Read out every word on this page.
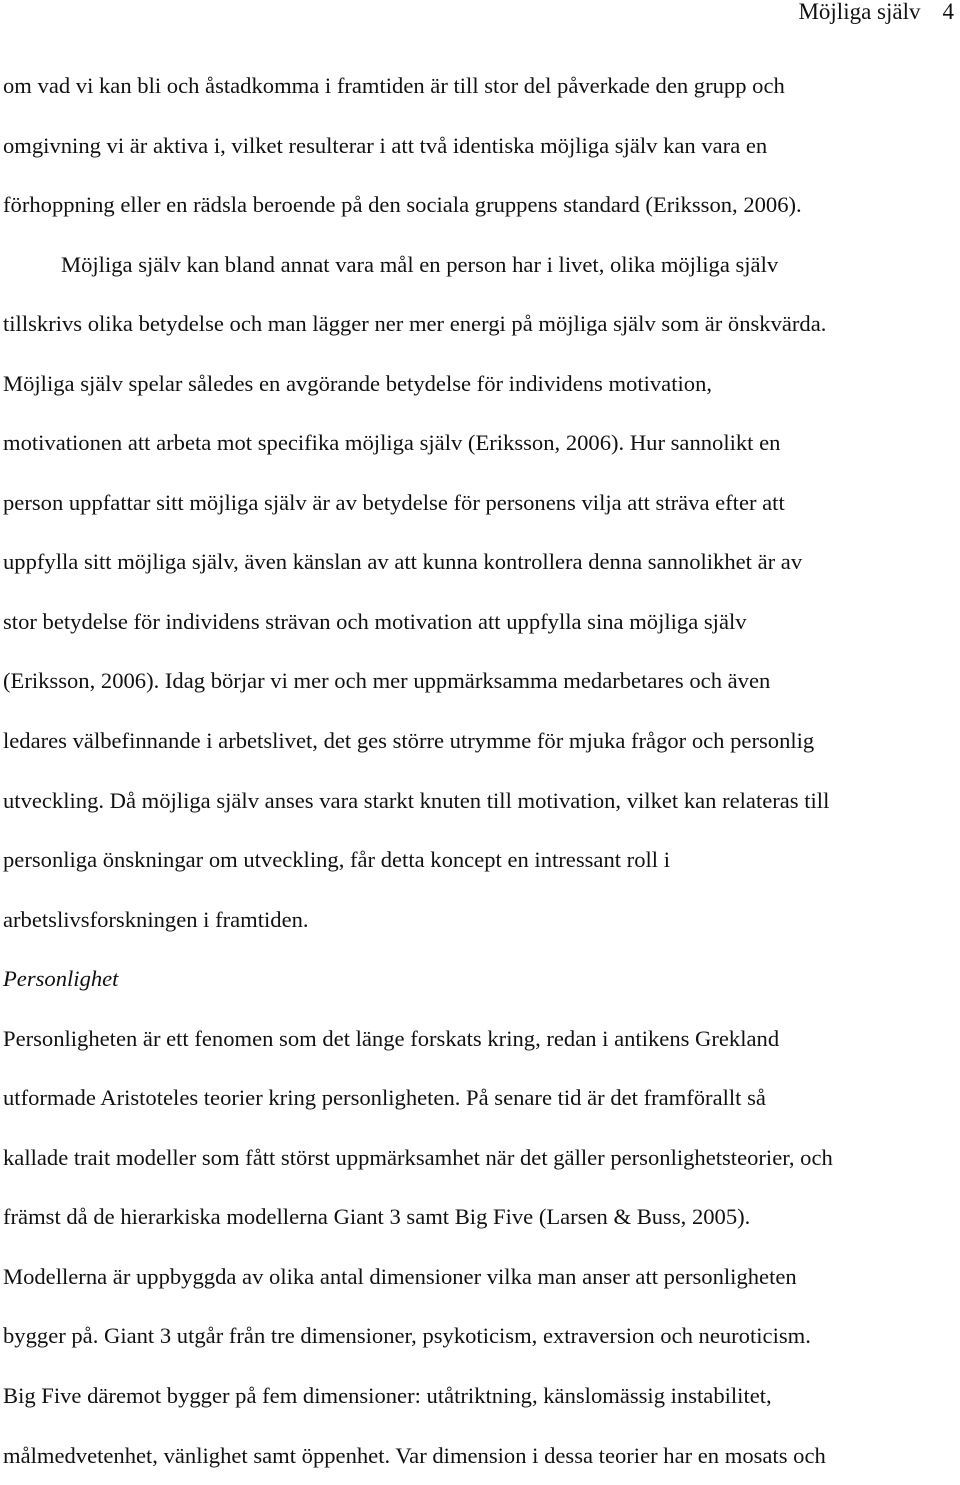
Möjliga själv 4
om vad vi kan bli och åstadkomma i framtiden är till stor del påverkade den grupp och
omgivning vi är aktiva i, vilket resulterar i att två identiska möjliga själv kan vara en
förhoppning eller en rädsla beroende på den sociala gruppens standard (Eriksson, 2006).
Möjliga själv kan bland annat vara mål en person har i livet, olika möjliga själv
tillskrivs olika betydelse och man lägger ner mer energi på möjliga själv som är önskvärda.
Möjliga själv spelar således en avgörande betydelse för individens motivation,
motivationen att arbeta mot specifika möjliga själv (Eriksson, 2006). Hur sannolikt en
person uppfattar sitt möjliga själv är av betydelse för personens vilja att sträva efter att
uppfylla sitt möjliga själv, även känslan av att kunna kontrollera denna sannolikhet är av
stor betydelse för individens strävan och motivation att uppfylla sina möjliga själv
(Eriksson, 2006). Idag börjar vi mer och mer uppmärksamma medarbetares och även
ledares välbefinnande i arbetslivet, det ges större utrymme för mjuka frågor och personlig
utveckling. Då möjliga själv anses vara starkt knuten till motivation, vilket kan relateras till
personliga önskningar om utveckling, får detta koncept en intressant roll i
arbetslivsforskningen i framtiden.
Personlighet
Personligheten är ett fenomen som det länge forskats kring, redan i antikens Grekland
utformade Aristoteles teorier kring personligheten. På senare tid är det framförallt så
kallade trait modeller som fått störst uppmärksamhet när det gäller personlighetsteorier, och
främst då de hierarkiska modellerna Giant 3 samt Big Five (Larsen & Buss, 2005).
Modellerna är uppbyggda av olika antal dimensioner vilka man anser att personligheten
bygger på. Giant 3 utgår från tre dimensioner, psykoticism, extraversion och neuroticism.
Big Five däremot bygger på fem dimensioner: utåtriktning, känslomässig instabilitet,
målmedvetenhet, vänlighet samt öppenhet. Var dimension i dessa teorier har en mosats och
